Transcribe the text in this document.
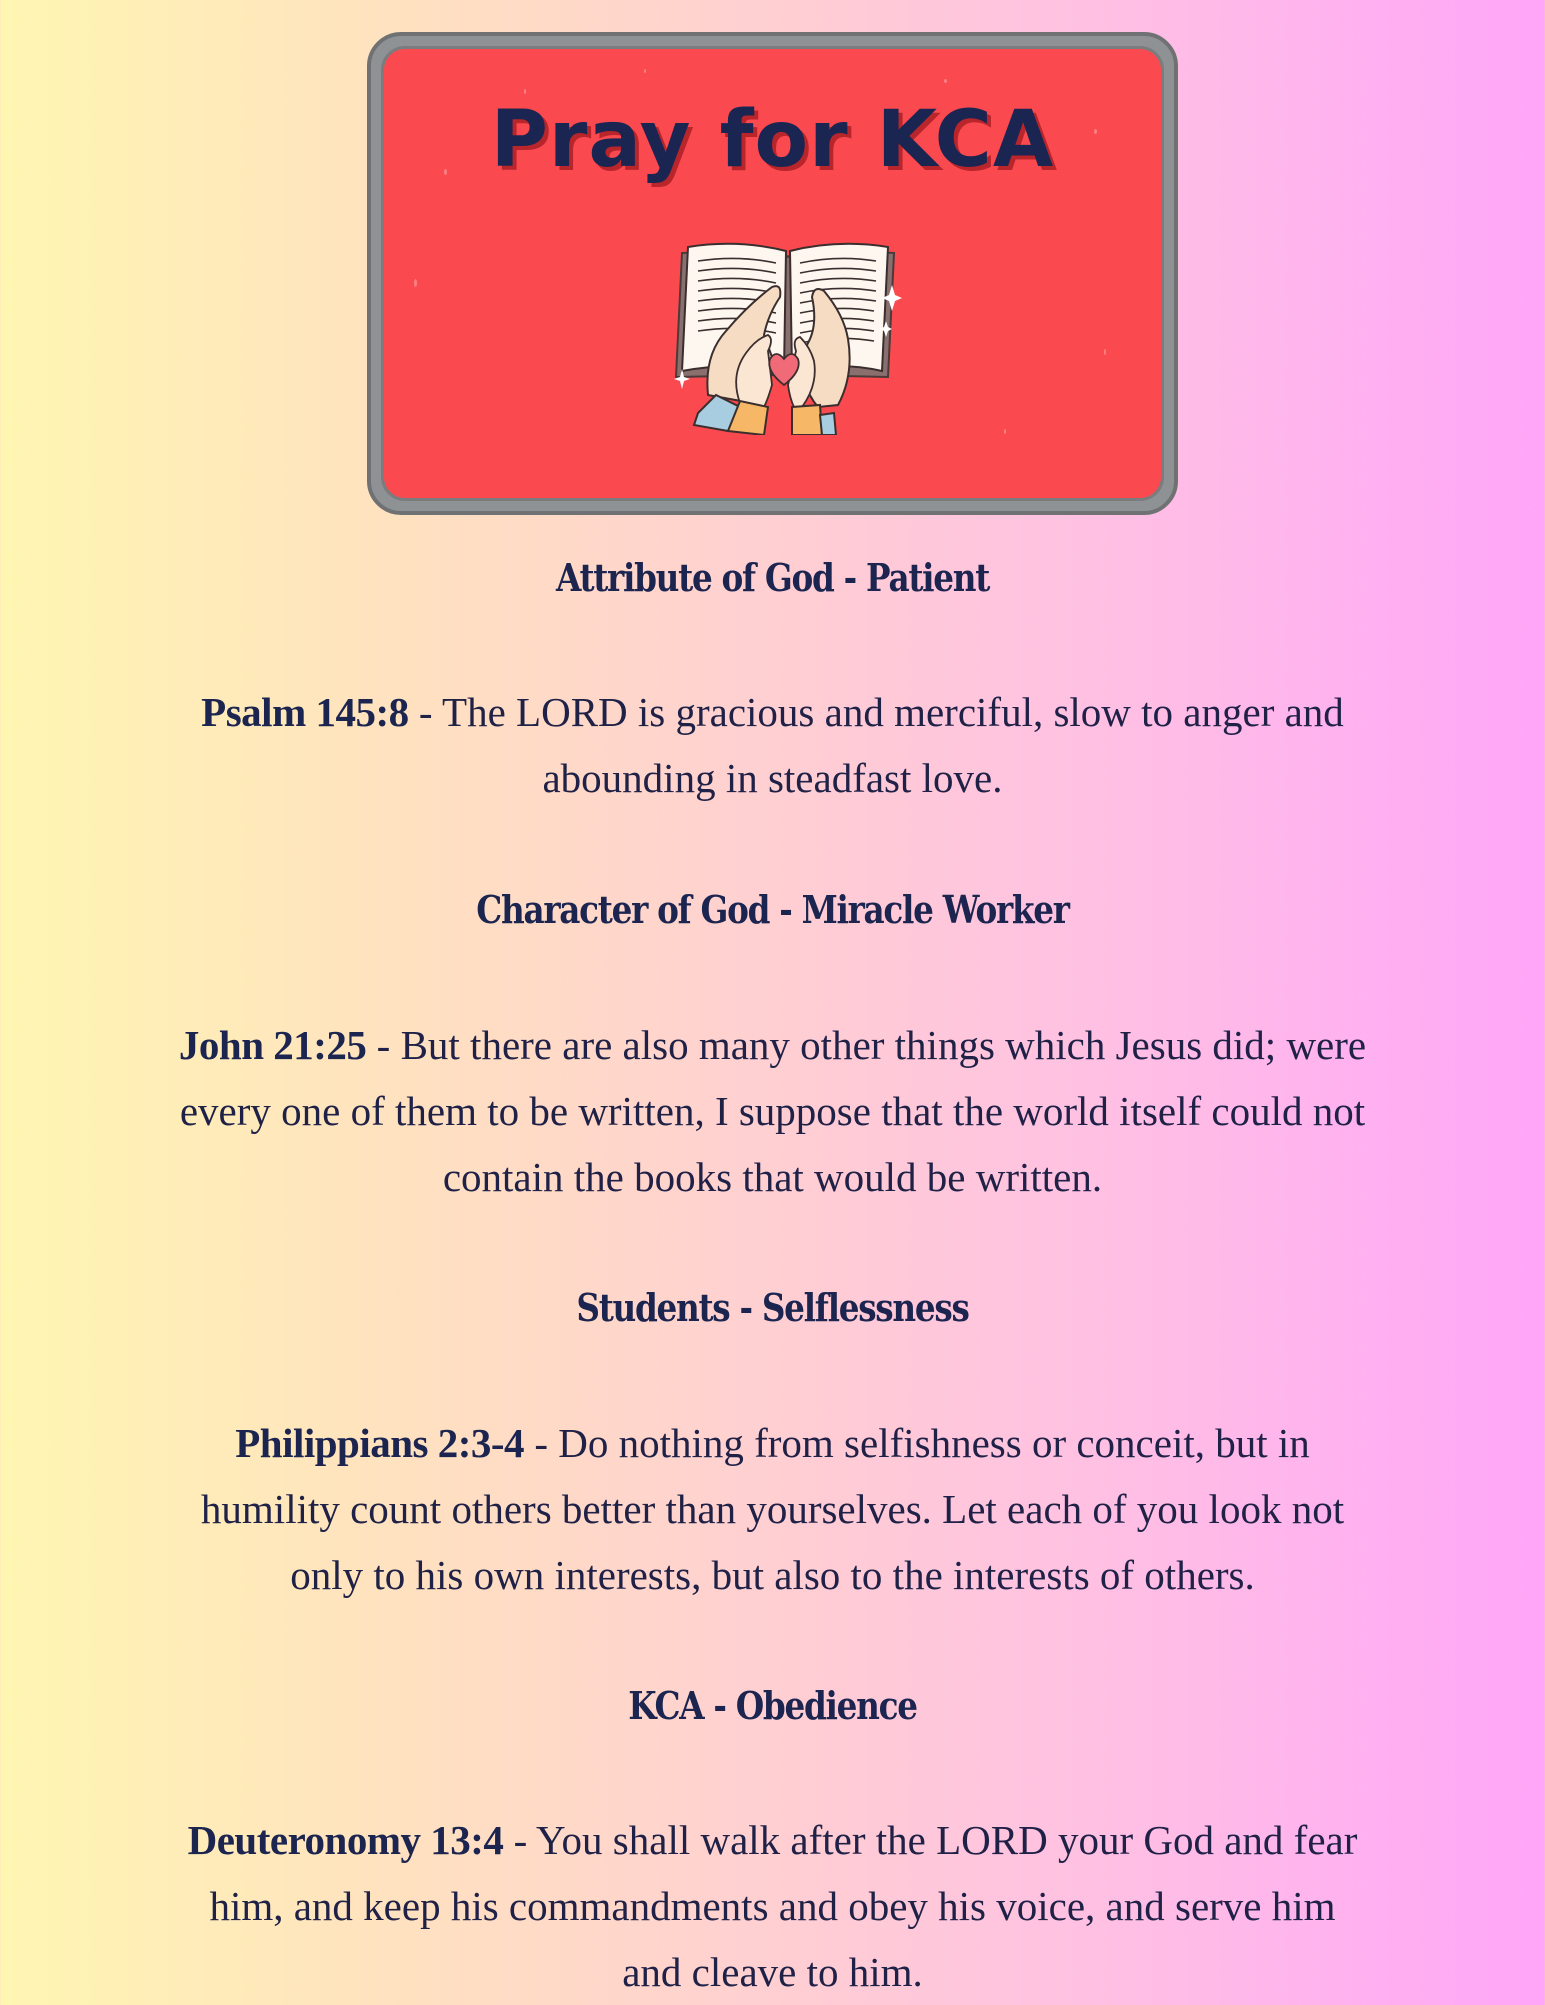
Pray for KCA
Attribute of God - Patient
Psalm 145:8 - The LORD is gracious and merciful, slow to anger and
abounding in steadfast love.
Character of God - Miracle Worker
John 21:25 - But there are also many other things which Jesus did; were
every one of them to be written, I suppose that the world itself could not
contain the books that would be written.
Students - Selflessness
Philippians 2:3-4 - Do nothing from selfishness or conceit, but in
humility count others better than yourselves. Let each of you look not
only to his own interests, but also to the interests of others.
KCA - Obedience
Deuteronomy 13:4 - You shall walk after the LORD your God and fear
him, and keep his commandments and obey his voice, and serve him
and cleave to him.
